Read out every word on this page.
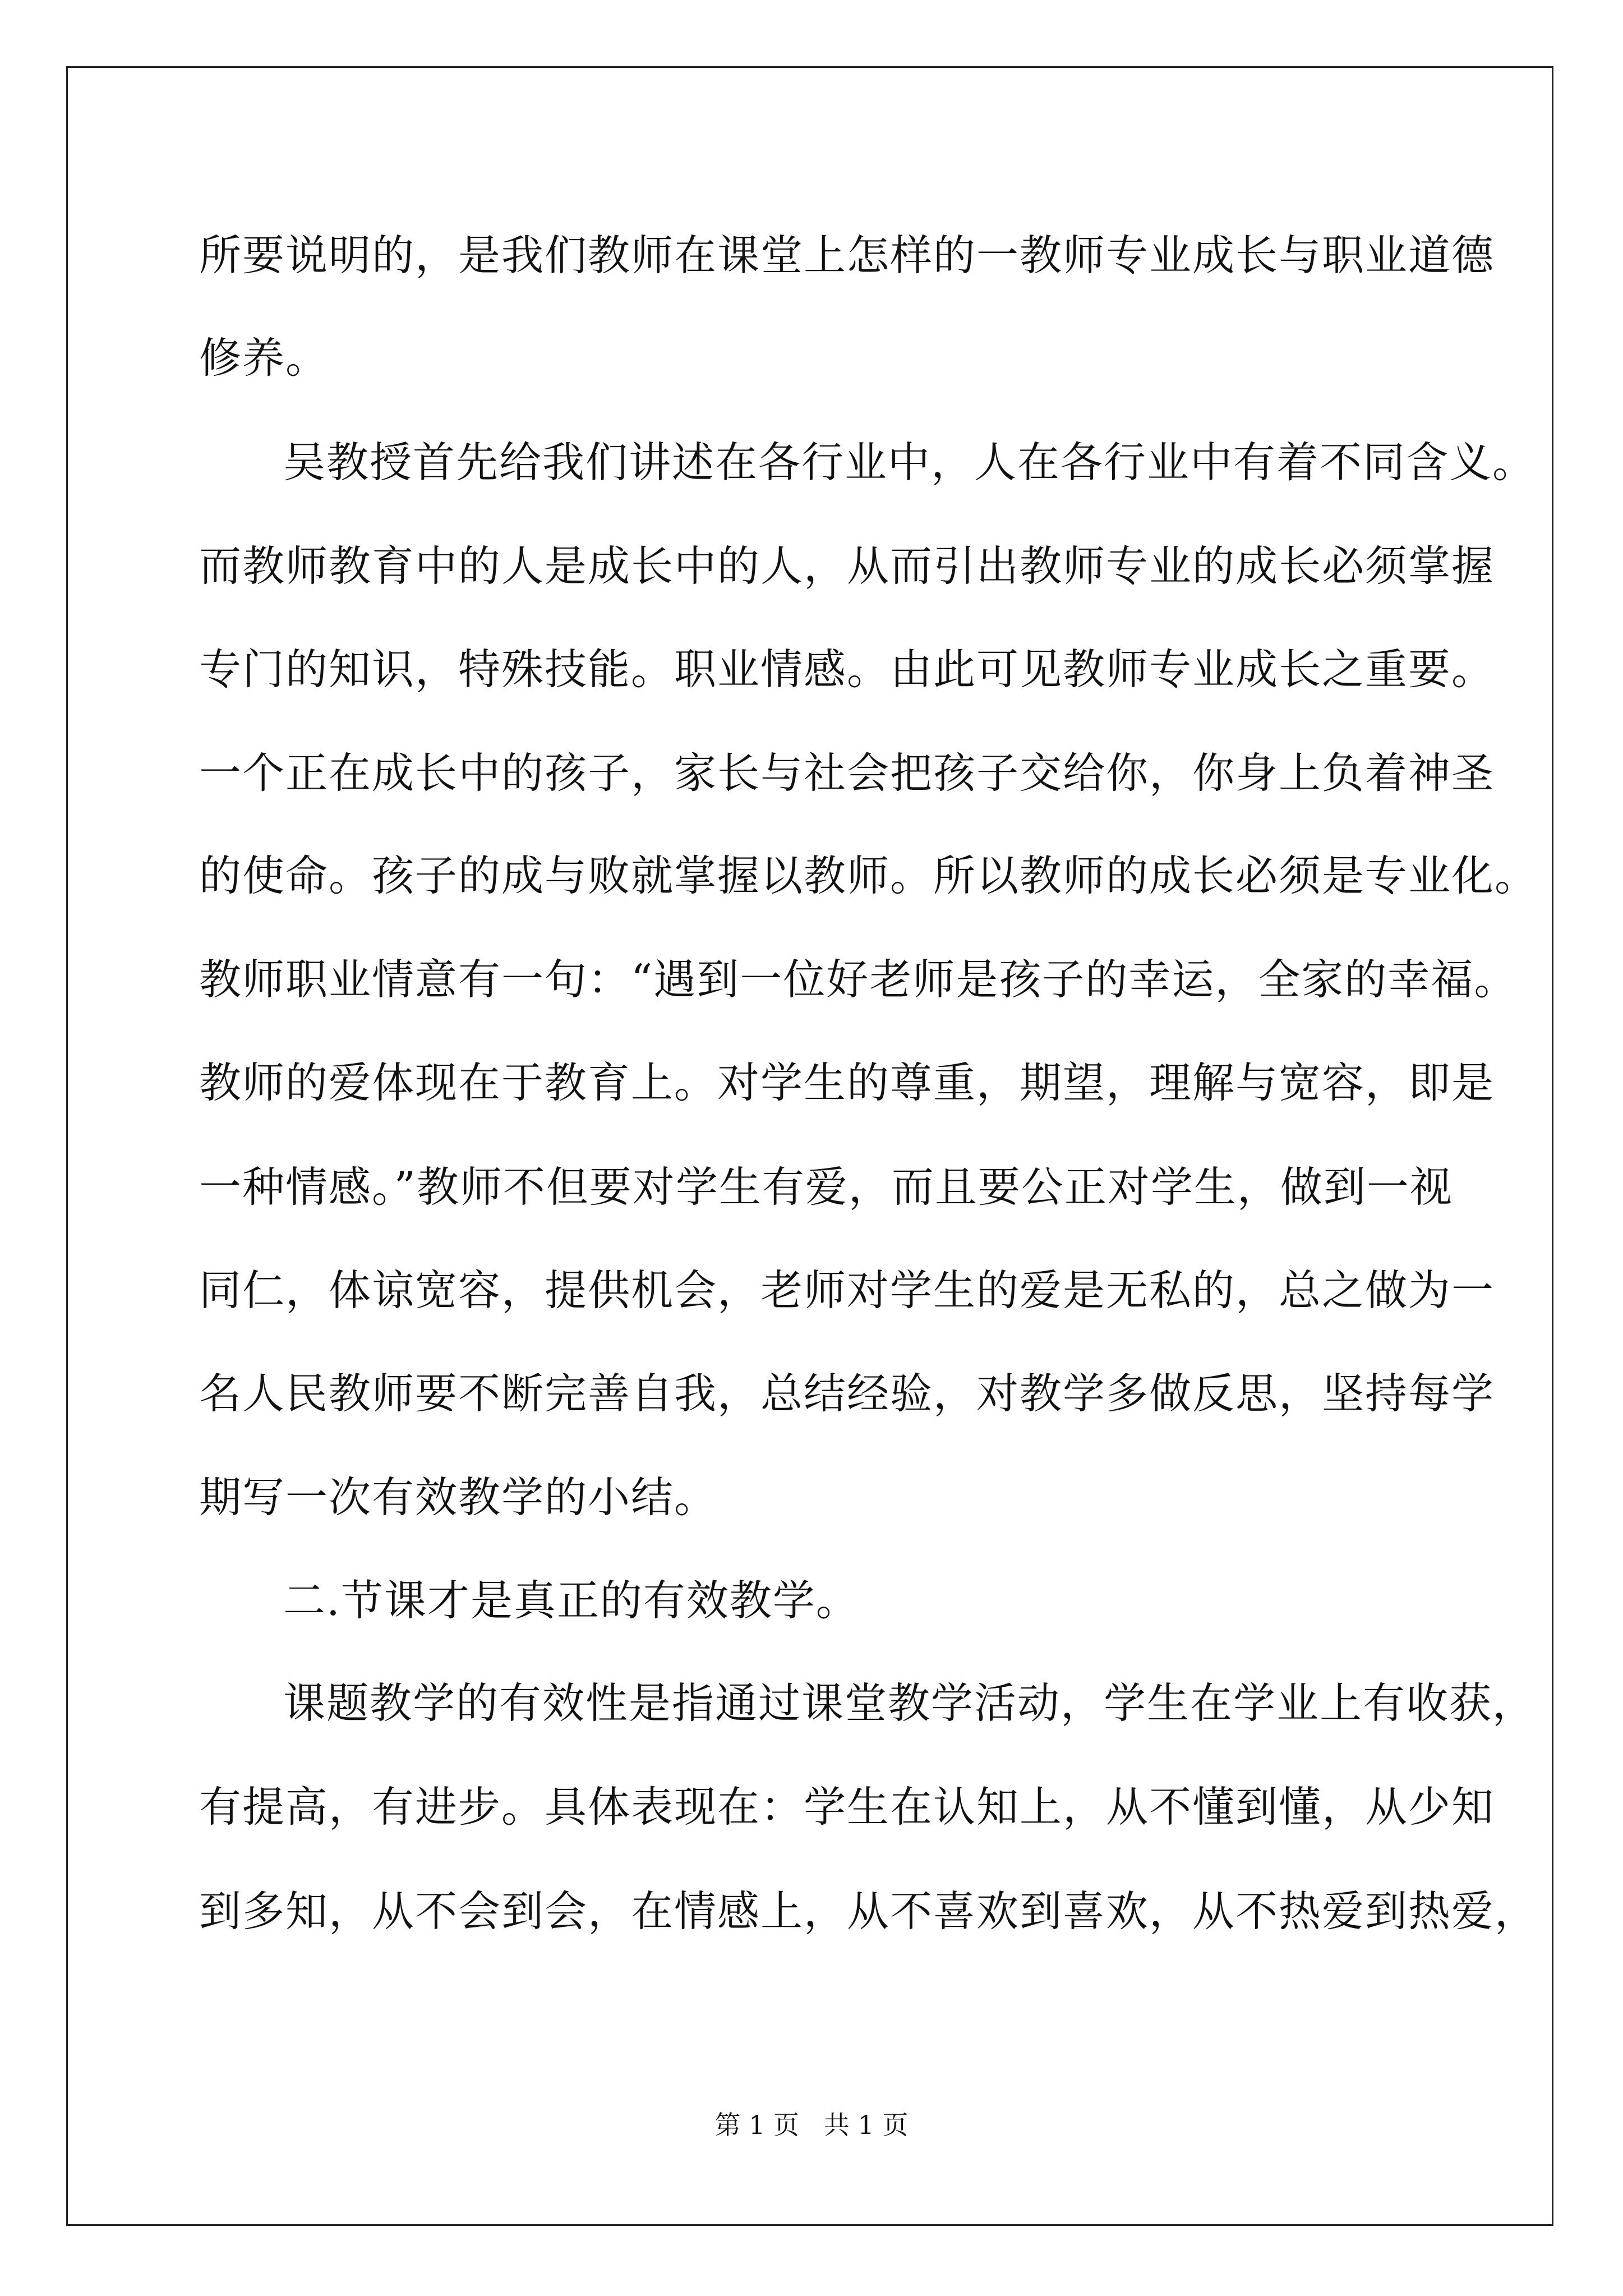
所要说明的，是我们教师在课堂上怎样的一教师专业成长与职业道德
修养。
吴教授首先给我们讲述在各行业中，人在各行业中有着不同含义。
而教师教育中的人是成长中的人，从而引出教师专业的成长必须掌握
专门的知识，特殊技能。职业情感。由此可见教师专业成长之重要。
一个正在成长中的孩子，家长与社会把孩子交给你，你身上负着神圣
的使命。孩子的成与败就掌握以教师。所以教师的成长必须是专业化。
教师职业情意有一句：“遇到一位好老师是孩子的幸运，全家的幸福。
教师的爱体现在于教育上。对学生的尊重，期望，理解与宽容，即是
一种情感。”教师不但要对学生有爱，而且要公正对学生，做到一视
同仁，体谅宽容，提供机会，老师对学生的爱是无私的，总之做为一
名人民教师要不断完善自我，总结经验，对教学多做反思，坚持每学
期写一次有效教学的小结。
二.节课才是真正的有效教学。
课题教学的有效性是指通过课堂教学活动，学生在学业上有收获，
有提高，有进步。具体表现在：学生在认知上，从不懂到懂，从少知
到多知，从不会到会，在情感上，从不喜欢到喜欢，从不热爱到热爱，
第 1 页   共 1 页
